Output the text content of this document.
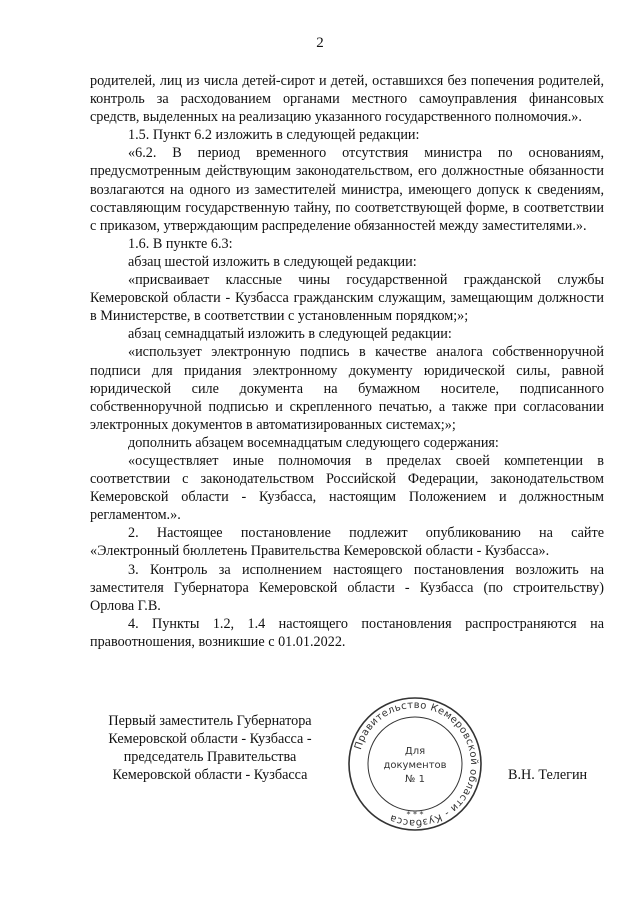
2

родителей, лиц из числа детей-сирот и детей, оставшихся без попечения родителей, контроль за расходованием органами местного самоуправления финансовых средств, выделенных на реализацию указанного государственного полномочия.».

1.5. Пункт 6.2 изложить в следующей редакции:

«6.2. В период временного отсутствия министра по основаниям, предусмотренным действующим законодательством, его должностные обязанности возлагаются на одного из заместителей министра, имеющего допуск к сведениям, составляющим государственную тайну, по соответствующей форме, в соответствии с приказом, утверждающим распределение обязанностей между заместителями.».

1.6. В пункте 6.3:

абзац шестой изложить в следующей редакции:

«присваивает классные чины государственной гражданской службы Кемеровской области - Кузбасса гражданским служащим, замещающим должности в Министерстве, в соответствии с установленным порядком;»;

абзац семнадцатый изложить в следующей редакции:

«использует электронную подпись в качестве аналога собственноручной подписи для придания электронному документу юридической силы, равной юридической силе документа на бумажном носителе, подписанного собственноручной подписью и скрепленного печатью, а также при согласовании электронных документов в автоматизированных системах;»;

дополнить абзацем восемнадцатым следующего содержания:

«осуществляет иные полномочия в пределах своей компетенции в соответствии с законодательством Российской Федерации, законодательством Кемеровской области - Кузбасса, настоящим Положением и должностным регламентом.».

2. Настоящее постановление подлежит опубликованию на сайте «Электронный бюллетень Правительства Кемеровской области - Кузбасса».

3. Контроль за исполнением настоящего постановления возложить на заместителя Губернатора Кемеровской области - Кузбасса (по строительству) Орлова Г.В.

4. Пункты 1.2, 1.4 настоящего постановления распространяются на правоотношения, возникшие с 01.01.2022.

Первый заместитель Губернатора
Кемеровской области - Кузбасса -
председатель Правительства
Кемеровской области - Кузбасса	В.Н. Телегин
Правительство Кемеровской области - Кузбасса	* * *
Для
документов
№ 1
